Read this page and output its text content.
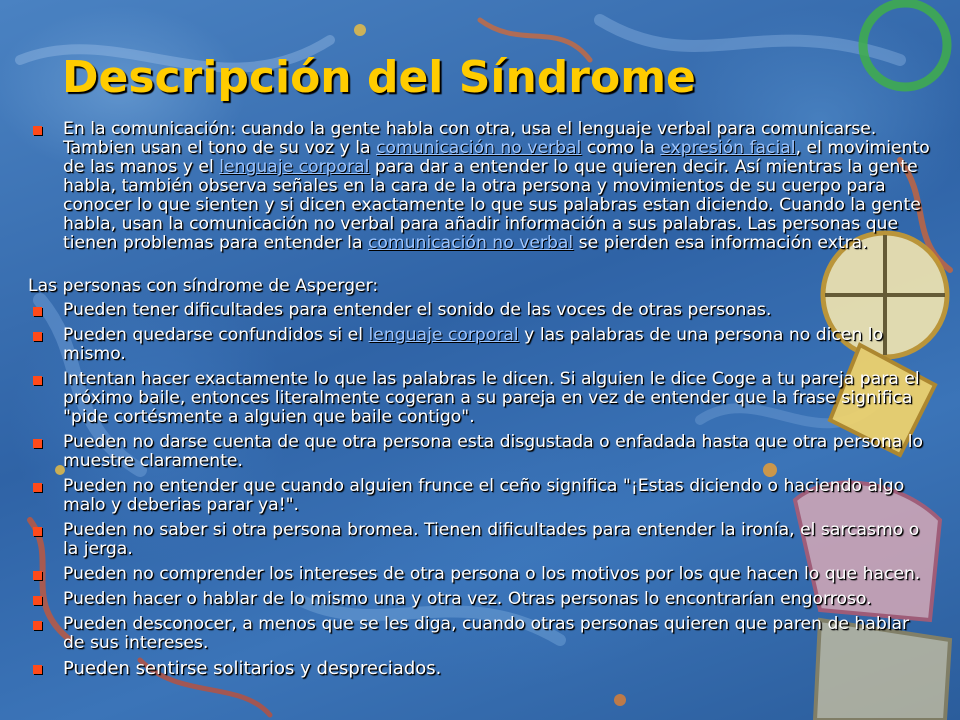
Descripción del Síndrome
En la comunicación: cuando la gente habla con otra, usa el lenguaje verbal para comunicarse. Tambien usan el tono de su voz y la comunicación no verbal como la expresión facial, el movimiento de las manos y el lenguaje corporal para dar a entender lo que quieren decir. Así mientras la gente habla, también observa señales en la cara de la otra persona y movimientos de su cuerpo para conocer lo que sienten y si dicen exactamente lo que sus palabras estan diciendo. Cuando la gente habla, usan la comunicación no verbal para añadir información a sus palabras. Las personas que tienen problemas para entender la comunicación no verbal se pierden esa información extra.

Las personas con síndrome de Asperger:

Pueden tener dificultades para entender el sonido de las voces de otras personas.
Pueden quedarse confundidos si el lenguaje corporal y las palabras de una persona no dicen lo mismo.
Intentan hacer exactamente lo que las palabras le dicen. Si alguien le dice Coge a tu pareja para el próximo baile, entonces literalmente cogeran a su pareja en vez de entender que la frase significa "pide cortésmente a alguien que baile contigo".
Pueden no darse cuenta de que otra persona esta disgustada o enfadada hasta que otra persona lo muestre claramente.
Pueden no entender que cuando alguien frunce el ceño significa "¡Estas diciendo o haciendo algo malo y deberias parar ya!".
Pueden no saber si otra persona bromea. Tienen dificultades para entender la ironía, el sarcasmo o la jerga.
Pueden no comprender los intereses de otra persona o los motivos por los que hacen lo que hacen.
Pueden hacer o hablar de lo mismo una y otra vez. Otras personas lo encontrarían engorroso.
Pueden desconocer, a menos que se les diga, cuando otras personas quieren que paren de hablar de sus intereses.
Pueden sentirse solitarios y despreciados.
